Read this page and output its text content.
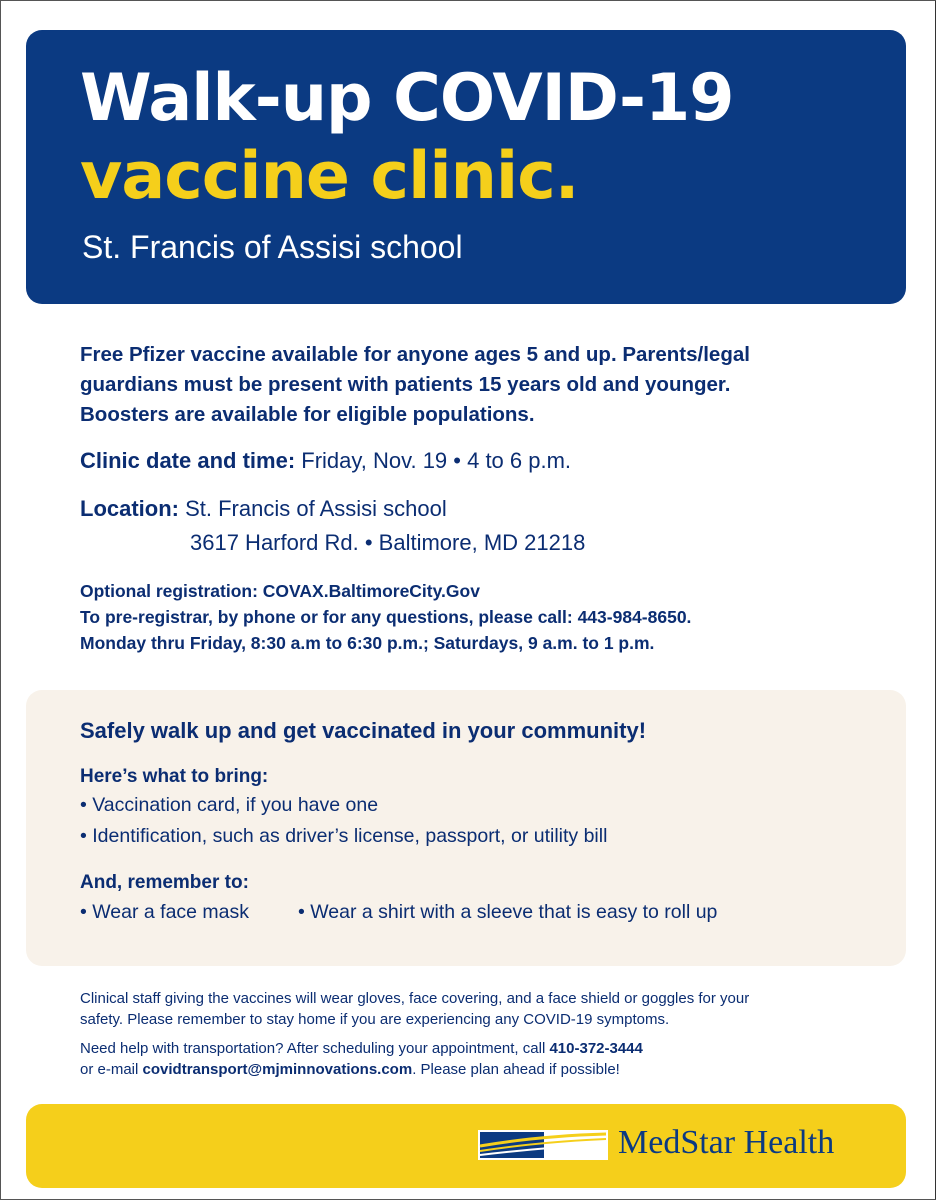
Walk-up COVID-19
vaccine clinic.
St. Francis of Assisi school
Free Pfizer vaccine available for anyone ages 5 and up. Parents/legal
guardians must be present with patients 15 years old and younger.
Boosters are available for eligible populations.
Clinic date and time: Friday, Nov. 19 • 4 to 6 p.m.
Location: St. Francis of Assisi school
3617 Harford Rd. • Baltimore, MD 21218
Optional registration: COVAX.BaltimoreCity.Gov
To pre-registrar, by phone or for any questions, please call: 443-984-8650.
Monday thru Friday, 8:30 a.m to 6:30 p.m.; Saturdays, 9 a.m. to 1 p.m.
Safely walk up and get vaccinated in your community!
Here’s what to bring:
• Vaccination card, if you have one
• Identification, such as driver’s license, passport, or utility bill
And, remember to:
• Wear a face mask	• Wear a shirt with a sleeve that is easy to roll up
Clinical staff giving the vaccines will wear gloves, face covering, and a face shield or goggles for your
safety. Please remember to stay home if you are experiencing any COVID-19 symptoms.
Need help with transportation? After scheduling your appointment, call 410-372-3444
or e-mail covidtransport@mjminnovations.com. Please plan ahead if possible!
MedStar Health
